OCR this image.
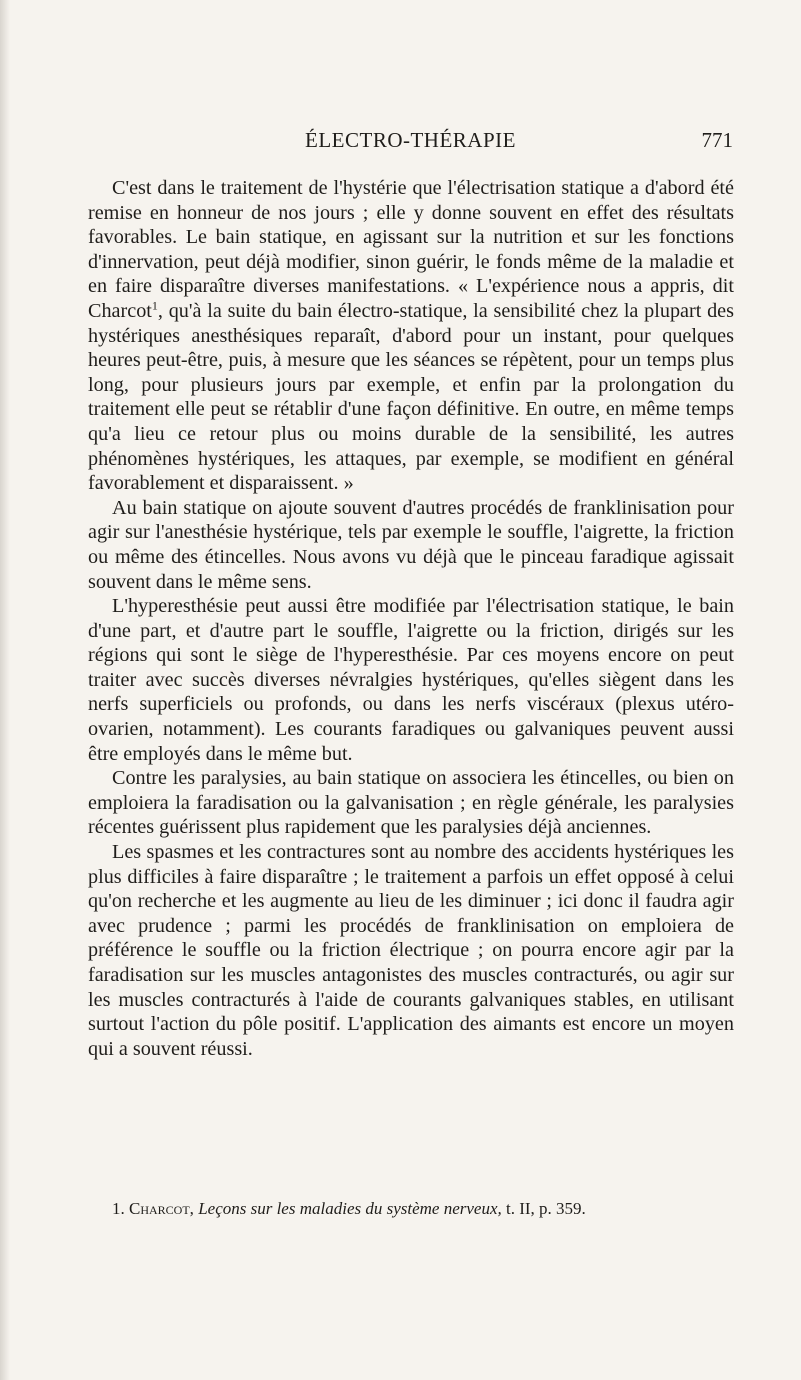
ÉLECTRO-THÉRAPIE	771

C'est dans le traitement de l'hystérie que l'électrisation statique a d'abord été remise en honneur de nos jours ; elle y donne souvent en effet des résultats favorables. Le bain statique, en agissant sur la nutrition et sur les fonctions d'innervation, peut déjà modifier, sinon guérir, le fonds même de la maladie et en faire disparaître diverses manifestations. « L'expérience nous a appris, dit Charcot$^1$, qu'à la suite du bain électro-statique, la sensibilité chez la plupart des hystériques anesthésiques reparaît, d'abord pour un instant, pour quelques heures peut-être, puis, à mesure que les séances se répètent, pour un temps plus long, pour plusieurs jours par exemple, et enfin par la prolongation du traitement elle peut se rétablir d'une façon définitive. En outre, en même temps qu'a lieu ce retour plus ou moins durable de la sensibilité, les autres phénomènes hystériques, les attaques, par exemple, se modifient en général favorablement et disparaissent. »

Au bain statique on ajoute souvent d'autres procédés de franklinisation pour agir sur l'anesthésie hystérique, tels par exemple le souffle, l'aigrette, la friction ou même des étincelles. Nous avons vu déjà que le pinceau faradique agissait souvent dans le même sens.

L'hyperesthésie peut aussi être modifiée par l'électrisation statique, le bain d'une part, et d'autre part le souffle, l'aigrette ou la friction, dirigés sur les régions qui sont le siège de l'hyperesthésie. Par ces moyens encore on peut traiter avec succès diverses névralgies hystériques, qu'elles siègent dans les nerfs superficiels ou profonds, ou dans les nerfs viscéraux (plexus utéro-ovarien, notamment). Les courants faradiques ou galvaniques peuvent aussi être employés dans le même but.

Contre les paralysies, au bain statique on associera les étincelles, ou bien on emploiera la faradisation ou la galvanisation ; en règle générale, les paralysies récentes guérissent plus rapidement que les paralysies déjà anciennes.

Les spasmes et les contractures sont au nombre des accidents hystériques les plus difficiles à faire disparaître ; le traitement a parfois un effet opposé à celui qu'on recherche et les augmente au lieu de les diminuer ; ici donc il faudra agir avec prudence ; parmi les procédés de franklinisation on emploiera de préférence le souffle ou la friction électrique ; on pourra encore agir par la faradisation sur les muscles antagonistes des muscles contracturés, ou agir sur les muscles contracturés à l'aide de courants galvaniques stables, en utilisant surtout l'action du pôle positif. L'application des aimants est encore un moyen qui a souvent réussi.

1. Charcot, Leçons sur les maladies du système nerveux, t. II, p. 359.
